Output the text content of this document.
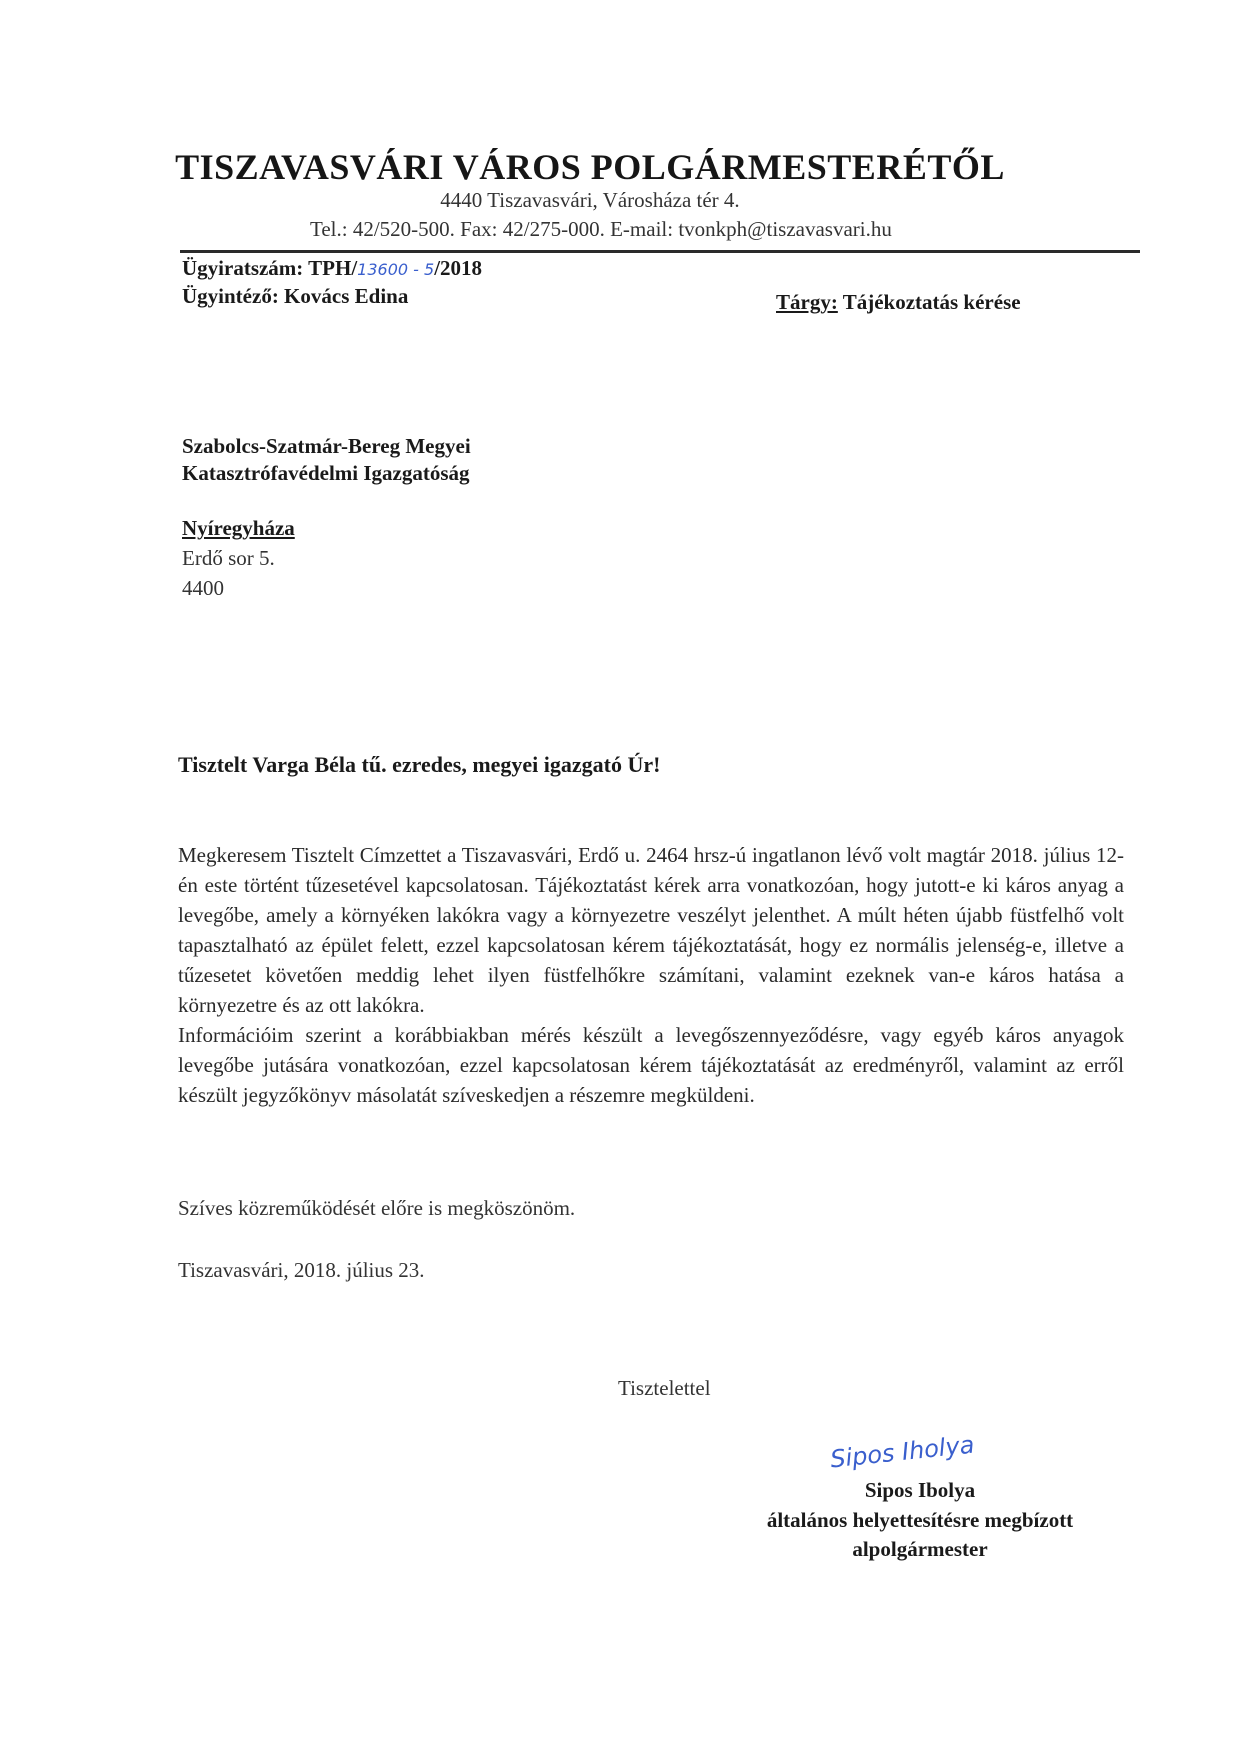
TISZAVASVÁRI VÁROS POLGÁRMESTERÉTŐL
4440 Tiszavasvári, Városháza tér 4.
Tel.: 42/520-500. Fax: 42/275-000. E-mail: tvonkph@tiszavasvari.hu
Ügyiratszám: TPH/13600 - 5/2018
Ügyintéző: Kovács Edina	Tárgy: Tájékoztatás kérése
Szabolcs-Szatmár-Bereg Megyei
Katasztrófavédelmi Igazgatóság
Nyíregyháza
Erdő sor 5.
4400
Tisztelt Varga Béla tű. ezredes, megyei igazgató Úr!

Megkeresem Tisztelt Címzettet a Tiszavasvári, Erdő u. 2464 hrsz-ú ingatlanon lévő volt magtár 2018. július 12-én este történt tűzesetével kapcsolatosan. Tájékoztatást kérek arra vonatkozóan, hogy jutott-e ki káros anyag a levegőbe, amely a környéken lakókra vagy a környezetre veszélyt jelenthet. A múlt héten újabb füstfelhő volt tapasztalható az épület felett, ezzel kapcsolatosan kérem tájékoztatását, hogy ez normális jelenség-e, illetve a tűzesetet követően meddig lehet ilyen füstfelhőkre számítani, valamint ezeknek van-e káros hatása a környezetre és az ott lakókra.

Információim szerint a korábbiakban mérés készült a levegőszennyeződésre, vagy egyéb káros anyagok levegőbe jutására vonatkozóan, ezzel kapcsolatosan kérem tájékoztatását az eredményről, valamint az erről készült jegyzőkönyv másolatát szíveskedjen a részemre megküldeni.

Szíves közreműködését előre is megköszönöm.
Tiszavasvári, 2018. július 23.
Tisztelettel
Sipos Iholya
Sipos Ibolya
általános helyettesítésre megbízott
alpolgármester
